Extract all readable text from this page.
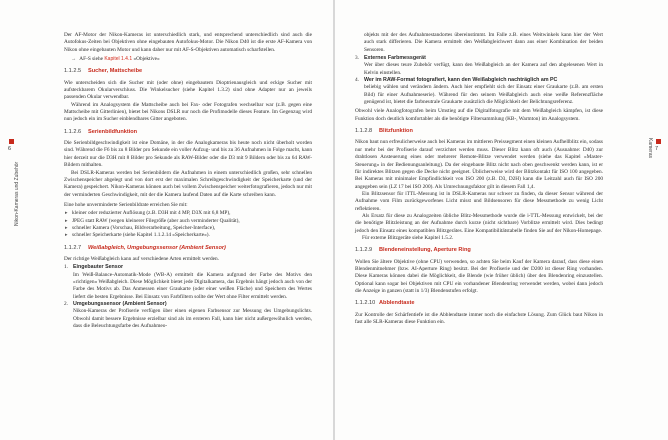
6
Nikon-Kameras und Zubehör

Der AF-Motor der Nikon-Kameras ist unterschiedlich stark, und entsprechend unterschiedlich sind auch die Autofokus-Zeiten bei Objektiven ohne eingebauten Autofokus-Motor. Die Nikon D40 ist die erste AF-Kamera von Nikon ohne eingebauten Motor und kann daher nur mit AF-S-Objektiven automatisch scharfstellen.

→ AF-S siehe Kapitel 1.4.1 »Objektive«

1.1.2.5	Sucher, Mattscheibe

Wie unterscheiden sich die Sucher mit (oder ohne) eingebautem Dioptrienausgleich und eckige Sucher mit aufsteckbarem Okularverschluss. Die Winkelsucher (siehe Kapitel 1.3.2) sind ohne Adapter nur an jeweils passenden Okular verwendbar.

Während im Analogsystem die Mattscheibe auch bei Fax- oder Fotografen wechselbar war (z.B. gegen eine Mattscheibe mit Gitterlinien), bietet bei Nikons DSLR nur noch die Profimodelle dieses Feature. Im Gegenzug wird nun jedoch ein im Sucher einblendbares Gitter angeboten.

1.1.2.6	Serienbildfunktion

Die Serienbildgeschwindigkeit ist eine Domäne, in der die Analogkameras bis heute noch nicht überholt worden sind. Während die F6 bis zu 8 Bilder pro Sekunde ein voller Aufzug- und bis zu 36 Aufnahmen in Folge macht, kann hier derzeit nur die D3H mit 8 Bilder pro Sekunde als RAW-Bilder oder die D3 mit 9 Bildern oder bis zu 64 RAW-Bildern mithalten.

Bei DSLR-Kameras werden bei Serienbildern die Aufnahmen in einem unterschiedlich großen, sehr schnellen Zwischenspeicher abgelegt und von dort erst der maximalen Schreibgeschwindigkeit der Speicherkarte (und der Kamera) gespeichert. Nikon-Kameras können auch bei vollem Zwischenspeicher weiterfotografieren, jedoch nur mit der verminderten Geschwindigkeit, mit der die Kamera laufend Daten auf die Karte schreiben kann.

Eine hohe unverminderte Serienbildrate erreichen Sie mit:

▸ kleiner oder reduzierter Auflösung (z.B. D3H mit 4 MP, D3X mit 6,8 MP),
▸ JPEG statt RAW (wegen kleinerer Filegröße (aber auch verminderter Qualität),
▸ schneller Kamera (Vorschau, Bildverarbeitung, Speicher-Interface),
▸ schneller Speicherkarte (siehe Kapitel 1.1.2.14 »Speicherkarte«).
1.1.2.7	Weißabgleich, Umgebungssensor (Ambient Sensor)

Der richtige Weißabgleich kann auf verschiedene Arten ermittelt werden.

1. Eingebauter Sensor

Im Weiß-Balance-Automatik-Mode (WB-A) ermittelt die Kamera aufgrund der Farbe des Motivs den »richtigen« Weißabgleich. Diese Möglichkeit bietet jede Digitalkamera, das Ergebnis hängt jedoch auch von der Farbe des Motivs ab. Das Anmessen einer Graukarte (oder einer weißen Fläche) und Speichern des Wertes liefert die besten Ergebnisse. Bei Einsatz von Farbfiltern sollte der Wert ohne Filter ermittelt werden.

2. Umgebungssensor (Ambient Sensor)

Nikon-Kameras der Profiserie verfügen über einen eigenen Farbsensor zur Messung des Umgebungslichts. Obwohl damit bessere Ergebnisse erzielbar sind als im ersteren Fall, kann hier nicht außergewöhnlich werden, dass die Beleuchtungsfarbe des Aufnahmeo-

7
Kameras

objekts mit der des Aufnahmestandortes übereinstimmt. Im Falle z.B. eines Weitwinkels kann hier der Wert auch stark differieren. Die Kamera ermittelt den Weißabgleichwert dann aus einer Kombination der beiden Sensoren.

3. Externes Farbmessgerät

Wer über dieses teure Zubehör verfügt, kann den Weißabgleich an der Kamera auf den abgelesenen Wert in Kelvin einstellen.

4. Wer im RAW-Format fotografiert, kann den Weißabgleich nachträglich am PC

beliebig wählen und verändern ändern. Auch hier empfiehlt sich der Einsatz einer Graukarte (z.B. am ersten Bild) für einer Aufnahmeserie). Während für den seinem Weißabgleich auch eine weiße Referenzfläche genügend ist, bietet die farbneutrale Graukarte zusätzlich die Möglichkeit der Belichtungsreferenz.

Obwohl viele Analogfotografen beim Umstieg auf die Digitalfotografie mit dem Weißabgleich kämpfen, ist diese Funktion doch deutlich komfortabler als die benötigte Filtersammlung (KB-, Warmton) im Analogsystem.

1.1.2.8	Blitzfunktion

Nikon baut nun erfreulicherweise auch bei Kameras im mittleren Preissegment einen kleinen Aufhellblitz ein, sodass nur mehr bei der Profiserie darauf verzichtet werden muss. Dieser Blitz kann oft auch (Ausnahme: D40) zur drahtlosen Ansteuerung eines oder mehrerer Remote-Blitze verwendet werden (siehe das Kapitel »Master-Steuerung« in der Bedienungsanleitung). Da der eingebaute Blitz nicht nach oben geschwenkt werden kann, ist er für indirektes Blitzen gegen die Decke nicht geeignet. Üblicherweise wird der Blitzkontakt für ISO 100 angegeben. Bei Kameras mit minimaler Empfindlichkeit von ISO 200 (z.B. D3, D2H) kann die Leitzahl auch für ISO 200 angegeben sein (LZ 17 bei ISO 200). Als Umrechnungsfaktor gilt in diesem Fall 1,4.

Ein Blitzsensor für iTTL-Messung ist in DSLR-Kameras nur schwer zu finden, da dieser Sensor während der Aufnahme vom Film zurückgeworfenes Licht misst und Bildsensoren für diese Messmethode zu wenig Licht reflektieren.

Als Ersatz für diese zu Analogzeiten übliche Blitz-Messmethode wurde die i-TTL-Messung entwickelt, bei der die benötigte Blitzleistung an der Aufnahme durch kurze (nicht sichtbare) Vorblitze ermittelt wird. Dies bedingt jedoch den Einsatz eines kompatiblen Blitzgerätes. Eine Kompatibilitätstabelle finden Sie auf der Nikon-Homepage.

Für externe Blitzgeräte siehe Kapitel 1.5.2.

1.1.2.9	Blendeneinstellung, Aperture Ring

Wollen Sie ältere Objektive (ohne CPU) verwenden, so achten Sie beim Kauf der Kamera darauf, dass diese einen Blendenmitnehmer (bzw. AI-Aperture Ring) besitzt. Bei der Profiserie und der D200 ist dieser Ring vorhanden. Diese Kameras können dabei die Möglichkeit, die Blende (wie früher üblich) über den Blendenring einzustellen. Optional kann sogar bei Objektiven mit CPU ein vorhandener Blendenring verwendet werden, wobei dann jedoch die Anzeige in ganzen (statt in 1/3) Blendenstufen erfolgt.

1.1.2.10 Abblendtaste

Zur Kontrolle der Schärfentiefe ist die Abblendtaste immer noch die einfachste Lösung. Zum Glück baut Nikon in fast alle SLR-Kameras diese Funktion ein.
